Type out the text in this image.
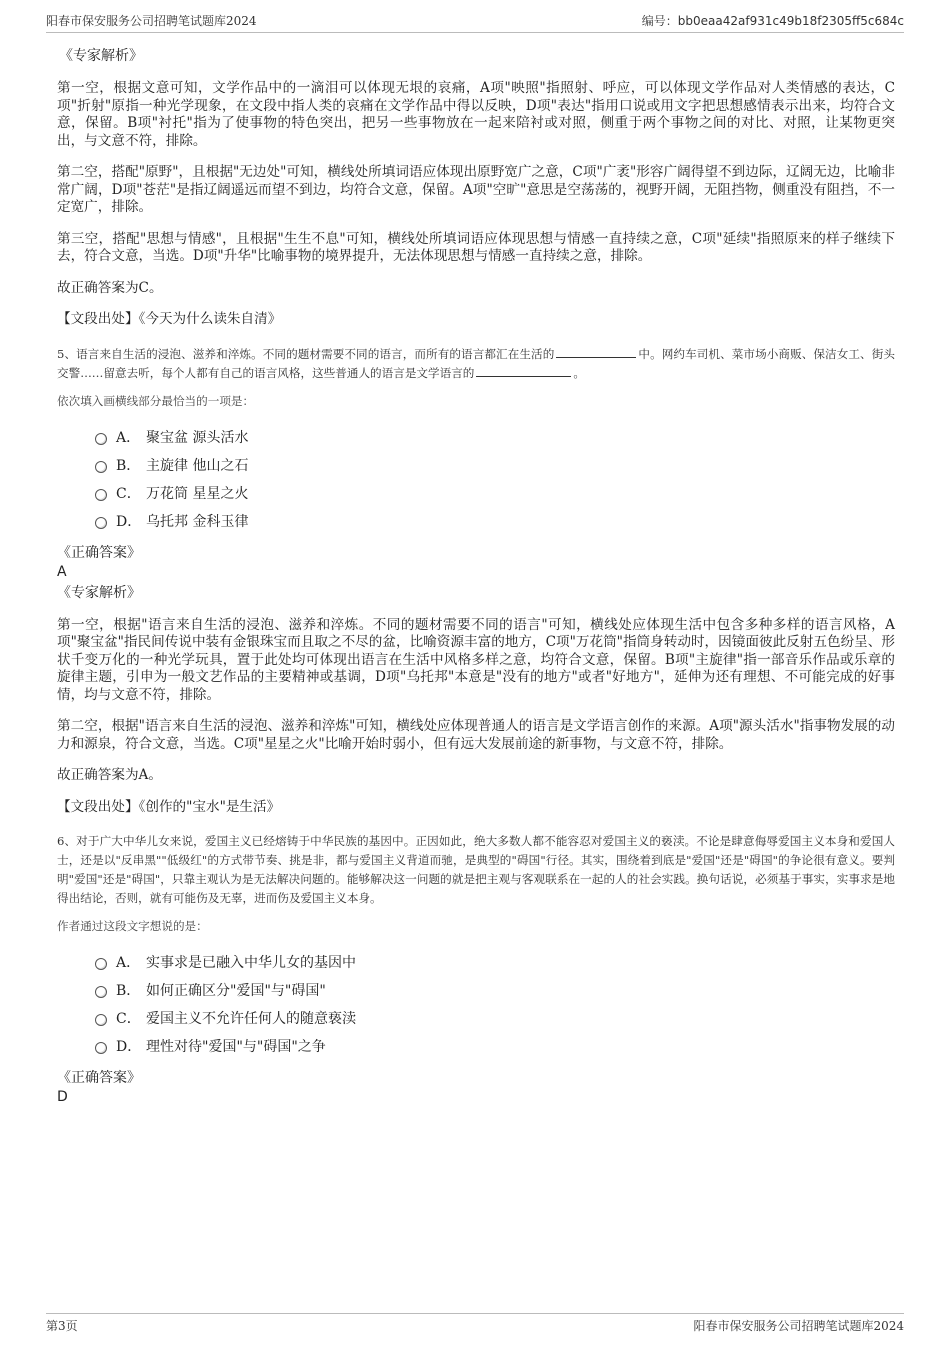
阳春市保安服务公司招聘笔试题库2024	编号：bb0eaa42af931c49b18f2305ff5c684c

《专家解析》

第一空，根据文意可知，文学作品中的一滴泪可以体现无垠的哀痛，A项"映照"指照射、呼应，可以体现文学作品对人类情感的表达，C项"折射"原指一种光学现象，在文段中指人类的哀痛在文学作品中得以反映，D项"表达"指用口说或用文字把思想感情表示出来，均符合文意，保留。B项"衬托"指为了使事物的特色突出，把另一些事物放在一起来陪衬或对照，侧重于两个事物之间的对比、对照，让某物更突出，与文意不符，排除。

第二空，搭配"原野"，且根据"无边处"可知，横线处所填词语应体现出原野宽广之意，C项"广袤"形容广阔得望不到边际，辽阔无边，比喻非常广阔，D项"苍茫"是指辽阔遥远而望不到边，均符合文意，保留。A项"空旷"意思是空荡荡的，视野开阔，无阻挡物，侧重没有阻挡，不一定宽广，排除。

第三空，搭配"思想与情感"，且根据"生生不息"可知，横线处所填词语应体现思想与情感一直持续之意，C项"延续"指照原来的样子继续下去，符合文意，当选。D项"升华"比喻事物的境界提升，无法体现思想与情感一直持续之意，排除。

故正确答案为C。

【文段出处】《今天为什么读朱自清》

5、语言来自生活的浸泡、滋养和淬炼。不同的题材需要不同的语言，而所有的语言都汇在生活的	中。网约车司机、菜市场小商贩、保洁女工、街头交警……留意去听，每个人都有自己的语言风格，这些普通人的语言是文学语言的	。

依次填入画横线部分最恰当的一项是：

A． 聚宝盆 源头活水
B． 主旋律 他山之石
C． 万花筒 星星之火
D． 乌托邦 金科玉律

《正确答案》

A

《专家解析》

第一空，根据"语言来自生活的浸泡、滋养和淬炼。不同的题材需要不同的语言"可知，横线处应体现生活中包含多种多样的语言风格，A项"聚宝盆"指民间传说中装有金银珠宝而且取之不尽的盆，比喻资源丰富的地方，C项"万花筒"指筒身转动时，因镜面彼此反射五色纷呈、形状千变万化的一种光学玩具，置于此处均可体现出语言在生活中风格多样之意，均符合文意，保留。B项"主旋律"指一部音乐作品或乐章的旋律主题，引申为一般文艺作品的主要精神或基调，D项"乌托邦"本意是"没有的地方"或者"好地方"，延伸为还有理想、不可能完成的好事情，均与文意不符，排除。

第二空，根据"语言来自生活的浸泡、滋养和淬炼"可知，横线处应体现普通人的语言是文学语言创作的来源。A项"源头活水"指事物发展的动力和源泉，符合文意，当选。C项"星星之火"比喻开始时弱小，但有远大发展前途的新事物，与文意不符，排除。

故正确答案为A。

【文段出处】《创作的"宝水"是生活》

6、对于广大中华儿女来说，爱国主义已经熔铸于中华民族的基因中。正因如此，绝大多数人都不能容忍对爱国主义的亵渎。不论是肆意侮辱爱国主义本身和爱国人士，还是以"反串黑""低级红"的方式带节奏、挑是非，都与爱国主义背道而驰，是典型的"碍国"行径。其实，围绕着到底是"爱国"还是"碍国"的争论很有意义。要判明"爱国"还是"碍国"，只靠主观认为是无法解决问题的。能够解决这一问题的就是把主观与客观联系在一起的人的社会实践。换句话说，必须基于事实，实事求是地得出结论，否则，就有可能伤及无辜，进而伤及爱国主义本身。

作者通过这段文字想说的是：

A． 实事求是已融入中华儿女的基因中
B． 如何正确区分"爱国"与"碍国"
C． 爱国主义不允许任何人的随意亵渎
D． 理性对待"爱国"与"碍国"之争

《正确答案》

D

第3页	阳春市保安服务公司招聘笔试题库2024
